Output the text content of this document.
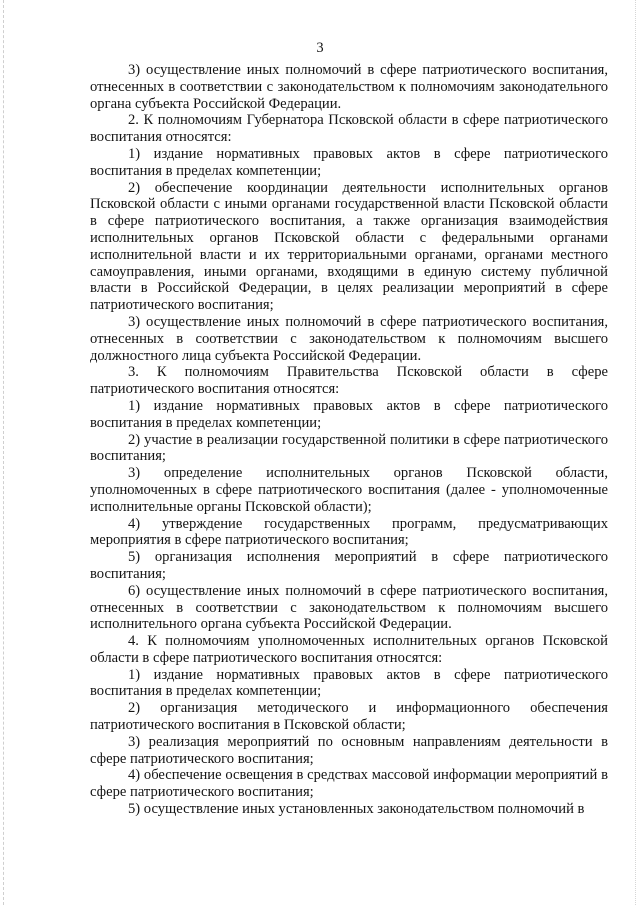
3

3) осуществление иных полномочий в сфере патриотического воспитания, отнесенных в соответствии с законодательством к полномочиям законодательного органа субъекта Российской Федерации.

2. К полномочиям Губернатора Псковской области в сфере патриотического воспитания относятся:

1) издание нормативных правовых актов в сфере патриотического воспитания в пределах компетенции;

2) обеспечение координации деятельности исполнительных органов Псковской области с иными органами государственной власти Псковской области в сфере патриотического воспитания, а также организация взаимодействия исполнительных органов Псковской области с федеральными органами исполнительной власти и их территориальными органами, органами местного самоуправления, иными органами, входящими в единую систему публичной власти в Российской Федерации, в целях реализации мероприятий в сфере патриотического воспитания;

3) осуществление иных полномочий в сфере патриотического воспитания, отнесенных в соответствии с законодательством к полномочиям высшего должностного лица субъекта Российской Федерации.

3. К полномочиям Правительства Псковской области в сфере патриотического воспитания относятся:

1) издание нормативных правовых актов в сфере патриотического воспитания в пределах компетенции;

2) участие в реализации государственной политики в сфере патриотического воспитания;

3) определение исполнительных органов Псковской области, уполномоченных в сфере патриотического воспитания (далее - уполномоченные исполнительные органы Псковской области);

4) утверждение государственных программ, предусматривающих мероприятия в сфере патриотического воспитания;

5) организация исполнения мероприятий в сфере патриотического воспитания;

6) осуществление иных полномочий в сфере патриотического воспитания, отнесенных в соответствии с законодательством к полномочиям высшего исполнительного органа субъекта Российской Федерации.

4. К полномочиям уполномоченных исполнительных органов Псковской области в сфере патриотического воспитания относятся:

1) издание нормативных правовых актов в сфере патриотического воспитания в пределах компетенции;

2) организация методического и информационного обеспечения патриотического воспитания в Псковской области;

3) реализация мероприятий по основным направлениям деятельности в сфере патриотического воспитания;

4) обеспечение освещения в средствах массовой информации мероприятий в сфере патриотического воспитания;

5) осуществление иных установленных законодательством полномочий в
